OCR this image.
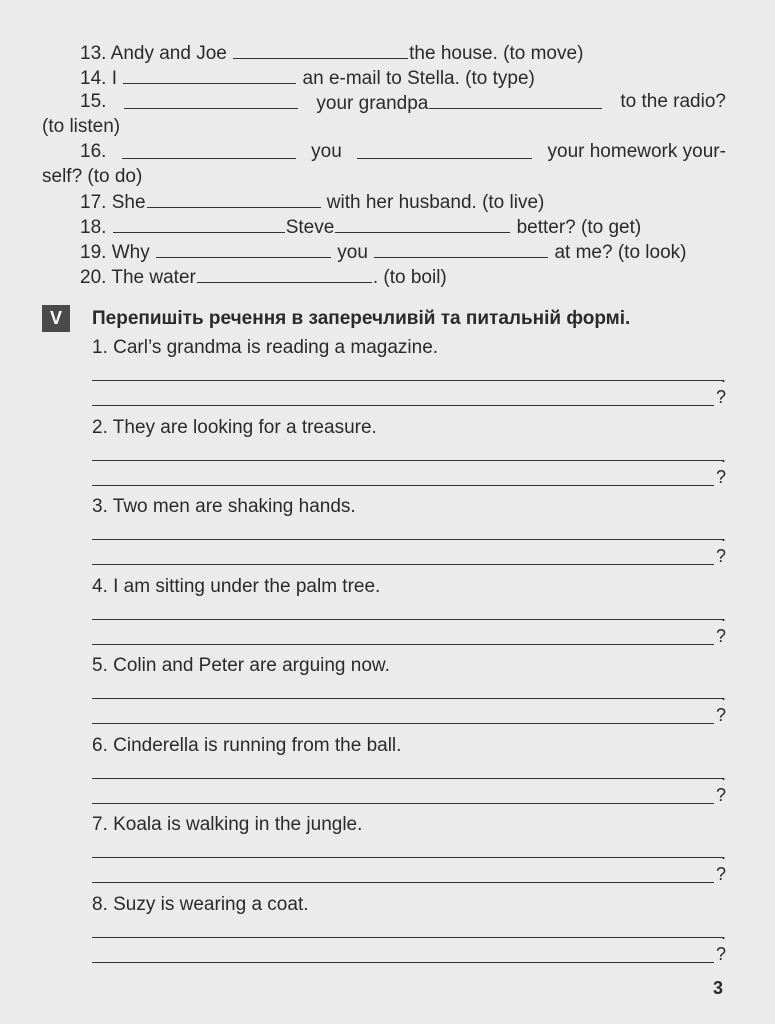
13. Andy and Joe	the house. (to move)
14. I	an e-mail to Stella. (to type)
15.	your grandpa	to the radio?
(to listen)
16.	you	your homework your-
self? (to do)
17. She	with her husband. (to live)
18.	Steve	better? (to get)
19. Why	you	at me? (to look)
20. The water	. (to boil)
V	Перепишіть речення в заперечливій та питальній формі.
1. Carl’s grandma is reading a magazine.
.
?
2. They are looking for a treasure.
.
?
3. Two men are shaking hands.
.
?
4. I am sitting under the palm tree.
.
?
5. Colin and Peter are arguing now.
.
?
6. Cinderella is running from the ball.
.
?
7. Koala is walking in the jungle.
.
?
8. Suzy is wearing a coat.
.
?
3
